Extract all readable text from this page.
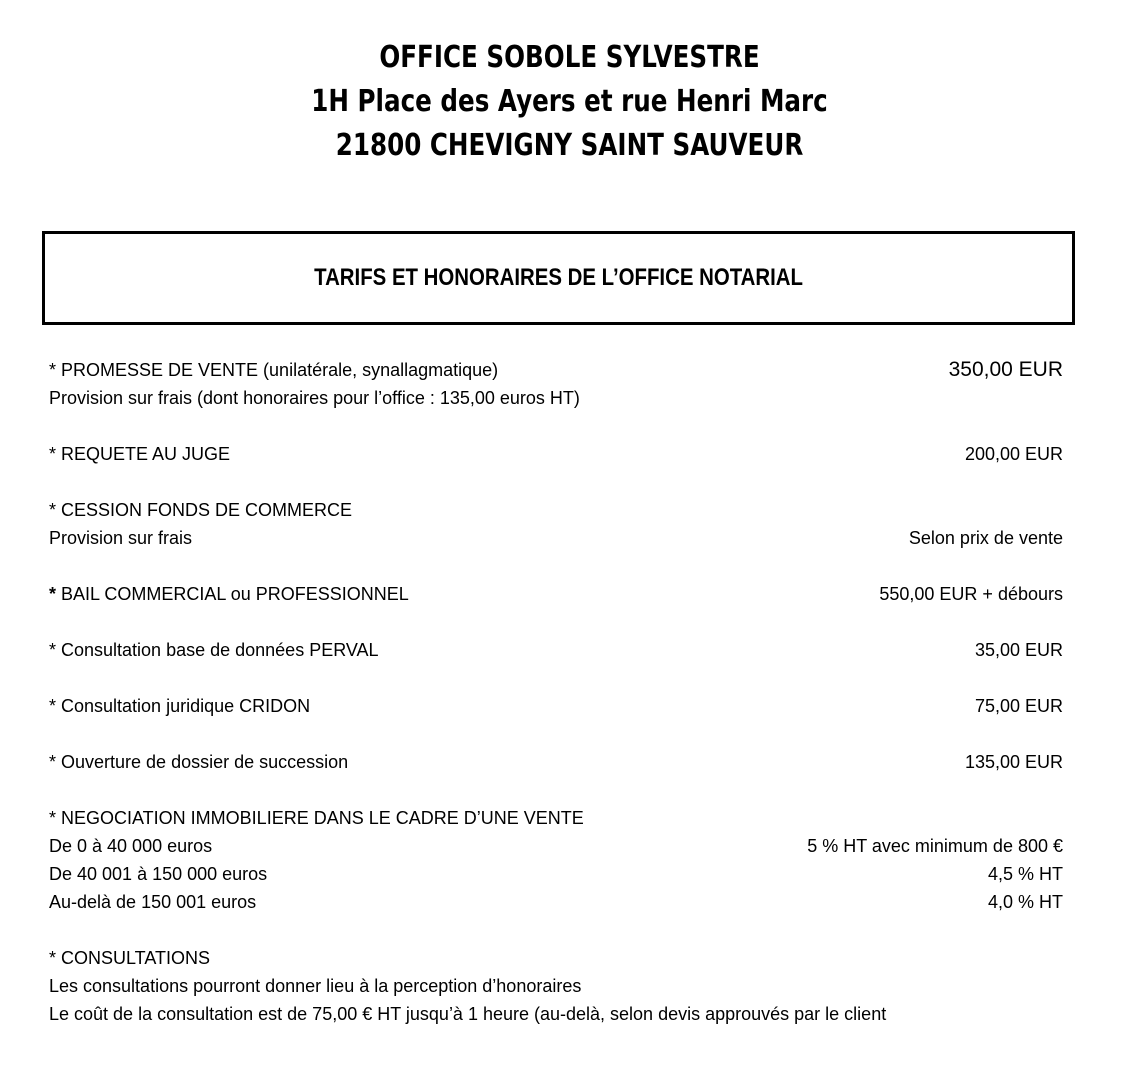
OFFICE SOBOLE SYLVESTRE
1H Place des Ayers et rue Henri Marc
21800 CHEVIGNY SAINT SAUVEUR
TARIFS ET HONORAIRES DE L’OFFICE NOTARIAL
* PROMESSE DE VENTE (unilatérale, synallagmatique)	350,00 EUR
Provision sur frais (dont honoraires pour l’office : 135,00 euros HT)
* REQUETE AU JUGE	200,00 EUR
* CESSION FONDS DE COMMERCE
Provision sur frais	Selon prix de vente
* BAIL COMMERCIAL ou PROFESSIONNEL	550,00 EUR + débours
* Consultation base de données PERVAL	35,00 EUR
* Consultation juridique CRIDON	75,00 EUR
* Ouverture de dossier de succession	135,00 EUR
* NEGOCIATION IMMOBILIERE DANS LE CADRE D’UNE VENTE
De 0 à 40 000 euros	5 % HT avec minimum de 800 €
De 40 001 à 150 000 euros	4,5 % HT
Au-delà de 150 001 euros	4,0 % HT
* CONSULTATIONS
Les consultations pourront donner lieu à la perception d’honoraires
Le coût de la consultation est de 75,00 € HT jusqu’à 1 heure (au-delà, selon devis approuvés par le client
